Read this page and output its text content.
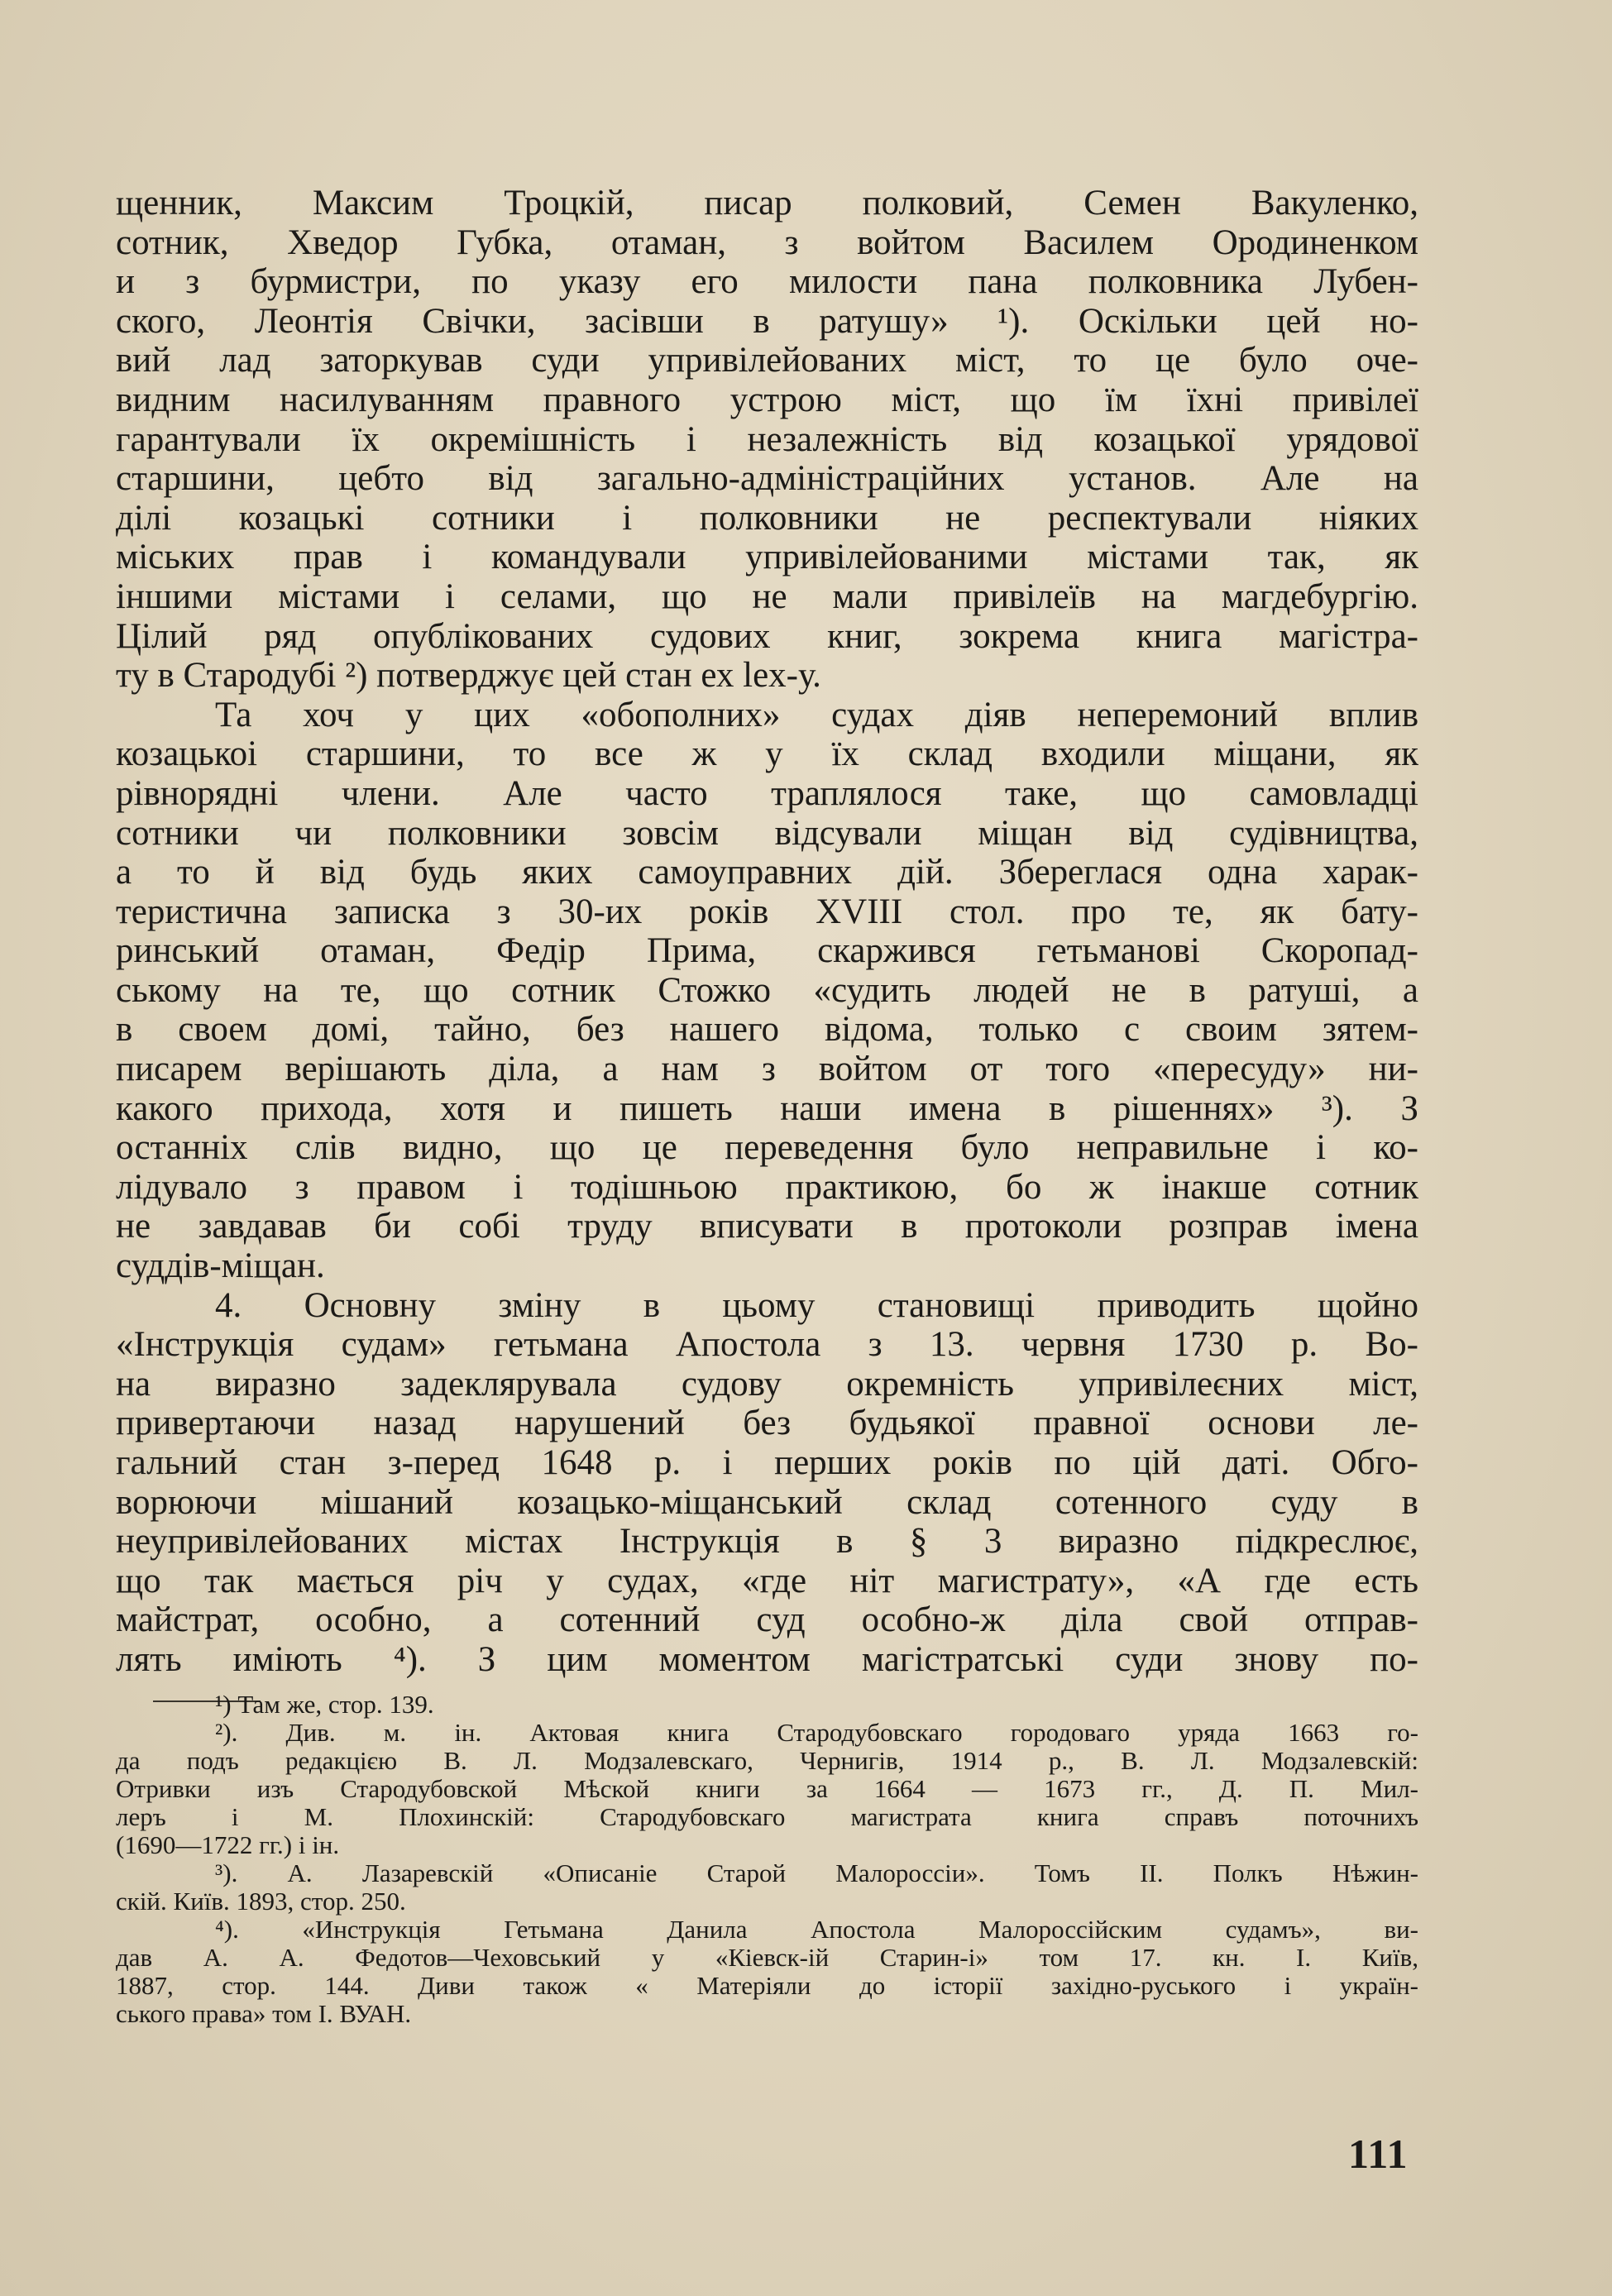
щенник, Максим Троцкій, писар полковий, Семен Вакуленко,
сотник, Хведор Губка, отаман, з войтом Василем Ородиненком
и з бурмистри, по указу его милости пана полковника Лубен-
ского, Леонтія Свічки, засівши в ратушу» ¹). Оскільки цей но-
вий лад заторкував суди упривілейованих міст, то це було оче-
видним насилуванням правного устрою міст, що їм їхні привілеї
гарантували їх окремішність і незалежність від козацької урядової
старшини, цебто від загально-адміністраційних установ. Але на
ділі козацькі сотники і полковники не респектували ніяких
міських прав і командували упривілейованими містами так, як
іншими містами і селами, що не мали привілеїв на магдебургію.
Цілий ряд опублікованих судових книг, зокрема книга магістра-
ту в Стародубі ²) потверджує цей стан ех lex-у.
Та хоч у цих «обополних» судах діяв непеpемоний вплив
козацькоі старшини, то все ж у їх склад входили міщани, як
рівнорядні члени. Але часто траплялося таке, що самовладці
сотники чи полковники зовсім відсували міщан від судівництва,
а то й від будь яких самоуправних дій. Збереглася одна харак-
теристична записка з 30-их років XVIII стол. про те, як бату-
ринський отаман, Федір Прима, скаржився гетьманові Скоропад-
ському на те, що сотник Стожко «судить людей не в ратуші, а
в своем домі, тайно, без нашего відома, только с своим зятем-
писарем верішають діла, а нам з войтом от того «пересуду» ни-
какого прихода, хотя и пишеть наши имена в рішеннях» ³). З
останніх слів видно, що це переведення було неправильне і ко-
лідувало з правом і тодішньою практикою, бо ж інакше сотник
не завдавав би собі труду вписувати в протоколи розправ імена
суддів-міщан.
4. Основну зміну в цьому становищі приводить щойно
«Інструкція судам» гетьмана Апостола з 13. червня 1730 р. Во-
на виразно задеклярувала судову окремність упривілеєних міст,
привертаючи назад нарушений без будьякої правної основи ле-
гальний стан з-перед 1648 р. і перших років по цій даті. Обго-
ворюючи мішаний козацько-міщанський склад сотенного суду в
неупривілейованих містах Інструкція в § 3 виразно підкреслює,
що так мається річ у судах, «где ніт магистрату», «А где есть
майстрат, особно, а сотенний суд особно-ж діла свой отправ-
лять имiють ⁴). З цим моментом магістратські суди знову по-
¹) Там же, стор. 139.
²). Див. м. ін. Актовая книга Стародубовскаго городоваго уряда 1663 го-
да подъ редакцією В. Л. Модзалевскаго, Чернигів, 1914 р., В. Л. Модзалевскій:
Отривки изъ Стародубовской Мѣской книги за 1664 — 1673 гг., Д. П. Мил-
леръ і М. Плохинскій: Стародубовскаго магистрата книга справъ поточнихъ
(1690—1722 гг.) і ін.
³). А. Лазаревскій «Описаніе Старой Малороссіи». Томъ II. Полкъ Нѣжин-
скій. Київ. 1893, стор. 250.
⁴). «Инструкція Гетьмана Данила Апостола Малороссійским судамъ», ви-
дав А. А. Федотов—Чеховський у «Кіевск-ій Старин-і» том 17. кн. І. Київ,
1887, стор. 144. Диви також « Матеріяли до історії західно-руського і україн-
ського права» том І. ВУАН.
111
